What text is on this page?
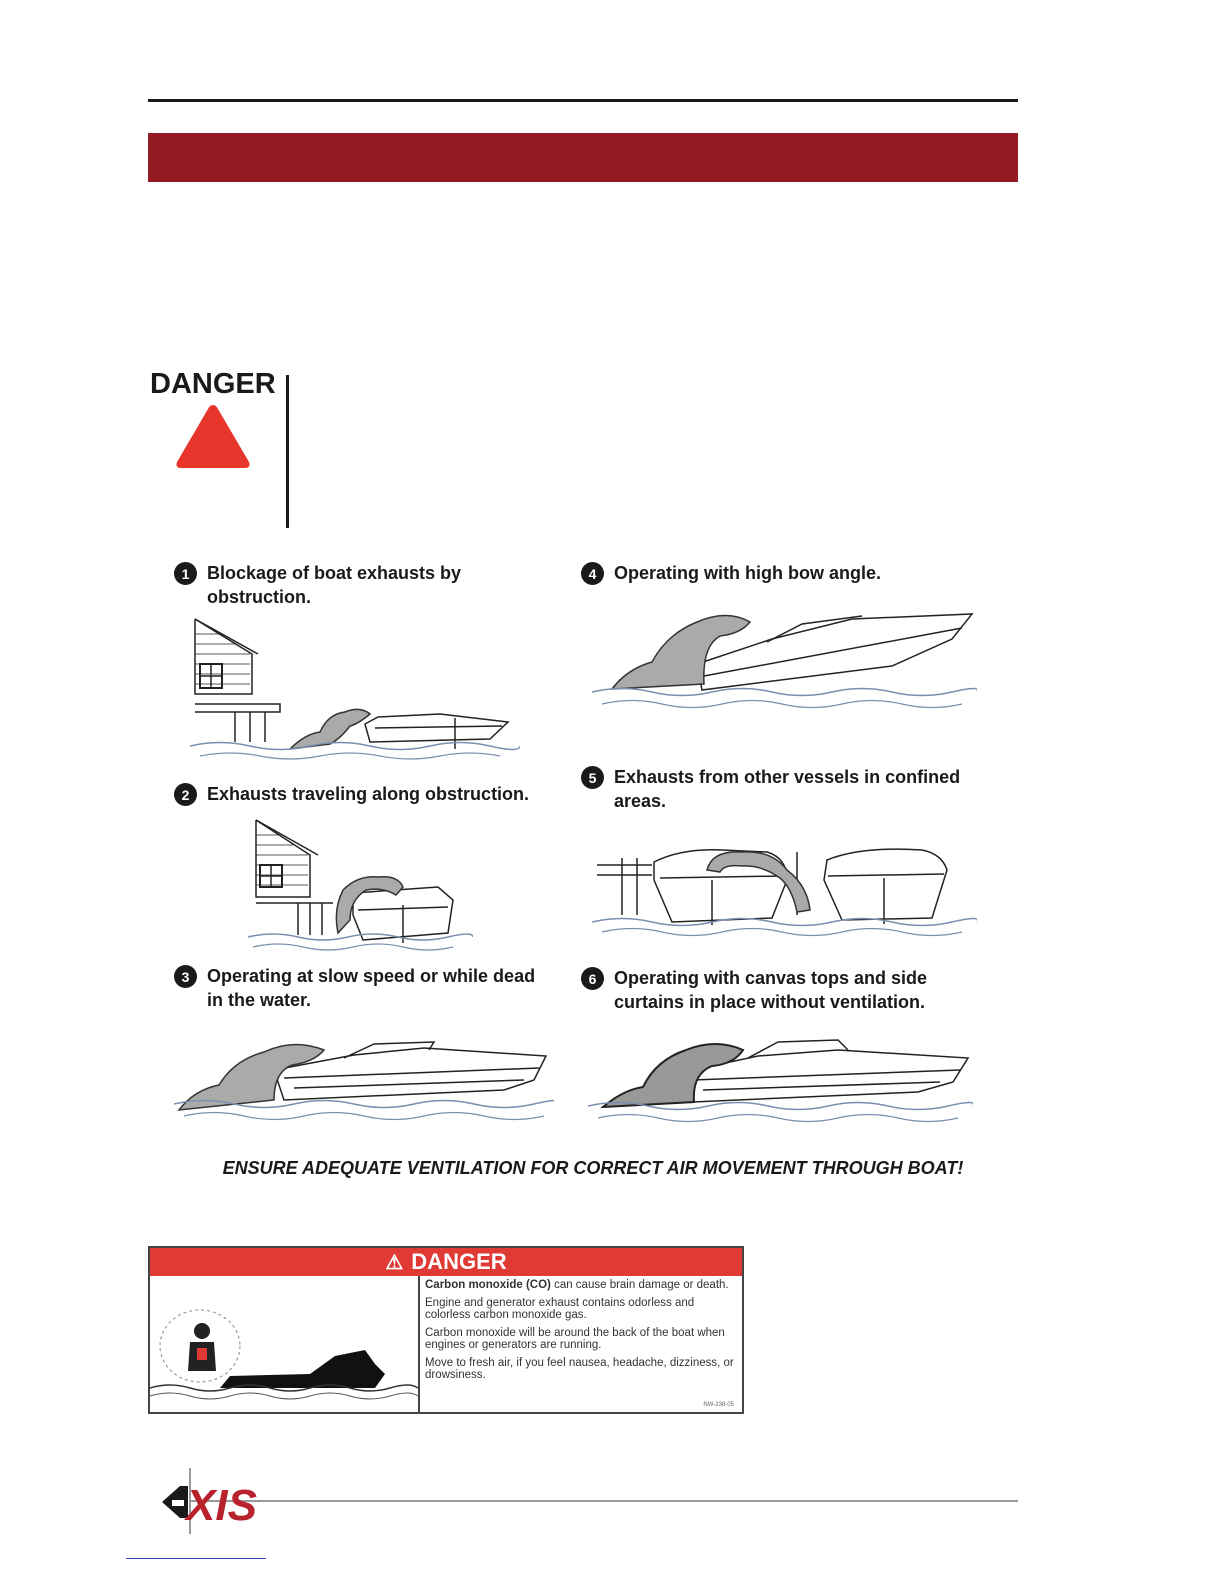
DANGER
1 Blockage of boat exhausts by obstruction.
2 Exhausts traveling along obstruction.
3 Operating at slow speed or while dead in the water.
4 Operating with high bow angle.
5 Exhausts from other vessels in confined areas.
6 Operating with canvas tops and side curtains in place without ventilation.
ENSURE ADEQUATE VENTILATION FOR CORRECT AIR MOVEMENT THROUGH BOAT!
⚠ DANGER

Carbon monoxide (CO) can cause brain damage or death.

Engine and generator exhaust contains odorless and colorless carbon monoxide gas.

Carbon monoxide will be around the back of the boat when engines or generators are running.

Move to fresh air, if you feel nausea, headache, dizziness, or drowsiness.

NW-238-05
XIS
